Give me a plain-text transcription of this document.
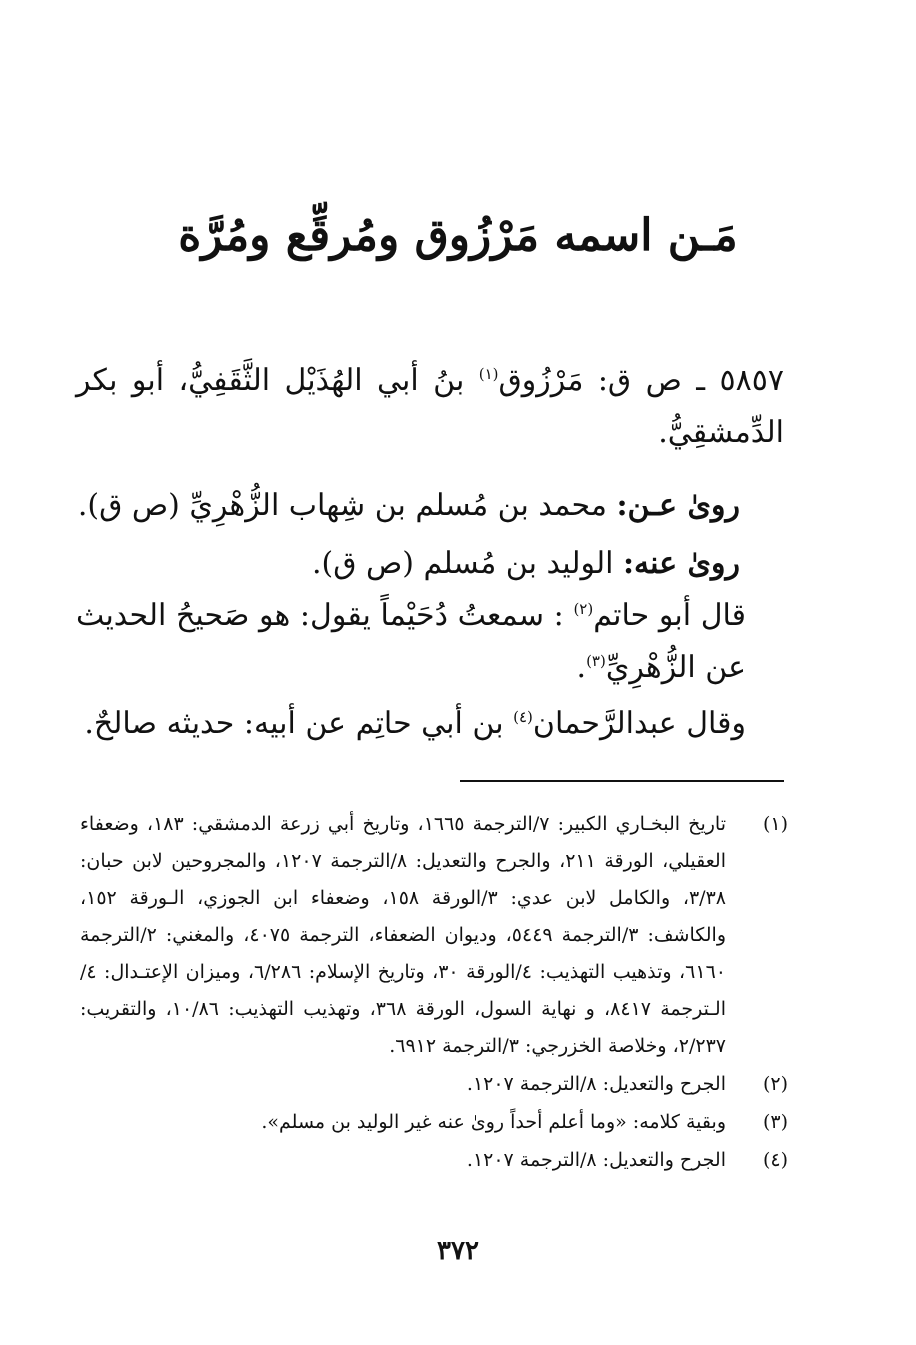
مَـن اسمه مَرْزُوق ومُرقِّع ومُرَّة
٥٨٥٧ ـ ص ق: مَرْزُوق$^{(١)}$ بنُ أبي الهُذَيْل الثَّقَفِيُّ، أبو بكر الدِّمشقِيُّ.
روىٰ عـن: محمد بن مُسلم بن شِهاب الزُّهْرِيِّ (ص ق).
روىٰ عنه: الوليد بن مُسلم (ص ق).
قال أبو حاتم$^{(٢)}$ : سمعتُ دُحَيْماً يقول: هو صَحيحُ الحديث عن الزُّهْرِيِّ$^{(٣)}$.
وقال عبدالرَّحمان$^{(٤)}$ بن أبي حاتِم عن أبيه: حديثه صالحٌ.
(١)
تاريخ البخـاري الكبير: ٧/الترجمة ١٦٦٥، وتاريخ أبي زرعة الدمشقي: ١٨٣، وضعفاء العقيلي، الورقة ٢١١، والجرح والتعديل: ٨/الترجمة ١٢٠٧، والمجروحين لابن حبان: ٣/٣٨، والكامل لابن عدي: ٣/الورقة ١٥٨، وضعفاء ابن الجوزي، الـورقة ١٥٢، والكاشف: ٣/الترجمة ٥٤٤٩، وديوان الضعفاء، الترجمة ٤٠٧٥، والمغني: ٢/الترجمة ٦١٦٠، وتذهيب التهذيب: ٤/الورقة ٣٠، وتاريخ الإسلام: ٦/٢٨٦، وميزان الإعتـدال: ٤/الـترجمة ٨٤١٧، و نهاية السول، الورقة ٣٦٨، وتهذيب التهذيب: ١٠/٨٦، والتقريب: ٢/٢٣٧، وخلاصة الخزرجي: ٣/الترجمة ٦٩١٢.
(٢)
الجرح والتعديل: ٨/الترجمة ١٢٠٧.
(٣)
وبقية كلامه: «وما أعلم أحداً روىٰ عنه غير الوليد بن مسلم».
(٤)
الجرح والتعديل: ٨/الترجمة ١٢٠٧.
٣٧٢
